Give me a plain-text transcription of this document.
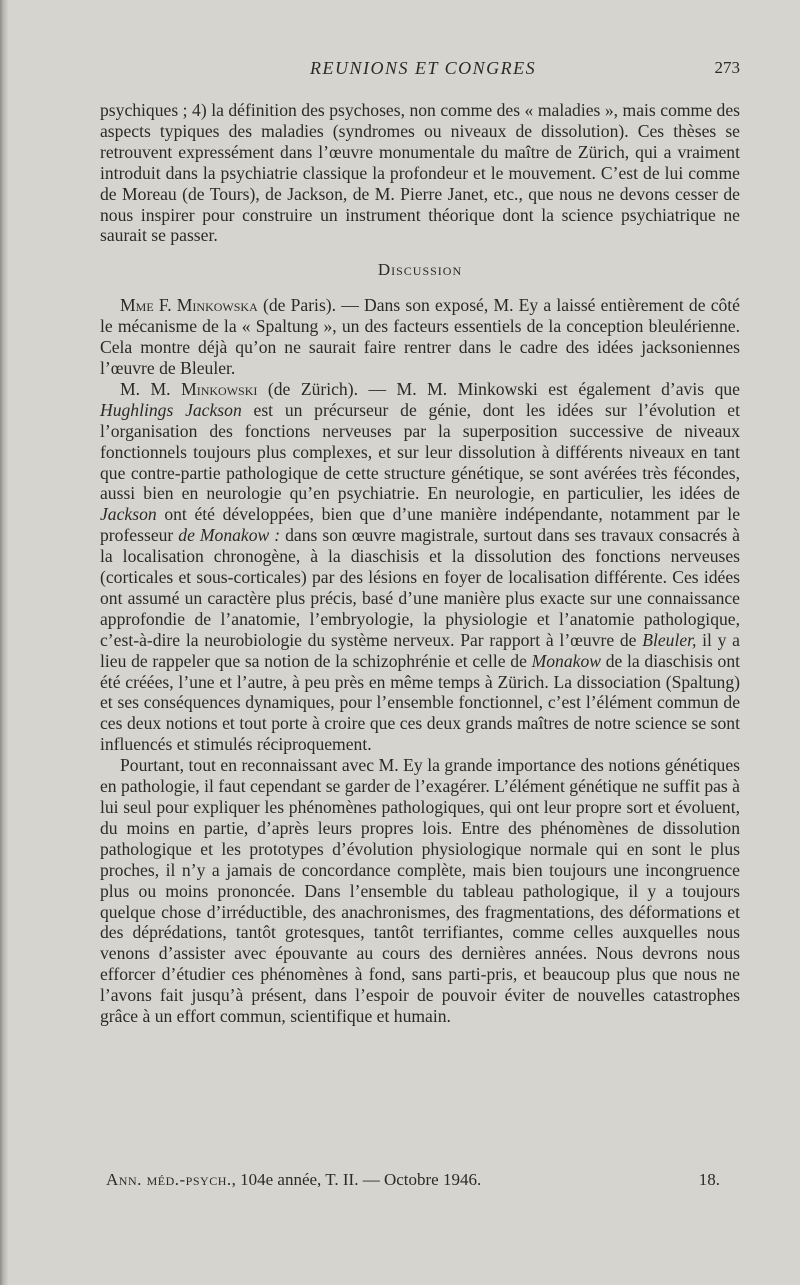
REUNIONS ET CONGRES	273

psychiques ; 4) la définition des psychoses, non comme des « maladies », mais comme des aspects typiques des maladies (syndromes ou niveaux de dissolution). Ces thèses se retrouvent expressément dans l’œuvre monumentale du maître de Zürich, qui a vraiment introduit dans la psychiatrie classique la profondeur et le mouvement. C’est de lui comme de Moreau (de Tours), de Jackson, de M. Pierre Janet, etc., que nous ne devons cesser de nous inspirer pour construire un instrument théorique dont la science psychiatrique ne saurait se passer.

Discussion

Mme F. Minkowska (de Paris). — Dans son exposé, M. Ey a laissé entièrement de côté le mécanisme de la « Spaltung », un des facteurs essentiels de la conception bleulérienne. Cela montre déjà qu’on ne saurait faire rentrer dans le cadre des idées jacksoniennes l’œuvre de Bleuler.

M. M. Minkowski (de Zürich). — M. M. Minkowski est également d’avis que Hughlings Jackson est un précurseur de génie, dont les idées sur l’évolution et l’organisation des fonctions nerveuses par la superposition successive de niveaux fonctionnels toujours plus complexes, et sur leur dissolution à différents niveaux en tant que contre-partie pathologique de cette structure génétique, se sont avérées très fécondes, aussi bien en neurologie qu’en psychiatrie. En neurologie, en particulier, les idées de Jackson ont été développées, bien que d’une manière indépendante, notamment par le professeur de Monakow : dans son œuvre magistrale, surtout dans ses travaux consacrés à la localisation chronogène, à la diaschisis et la dissolution des fonctions nerveuses (corticales et sous-corticales) par des lésions en foyer de localisation différente. Ces idées ont assumé un caractère plus précis, basé d’une manière plus exacte sur une connaissance approfondie de l’anatomie, l’embryologie, la physiologie et l’anatomie pathologique, c’est-à-dire la neurobiologie du système nerveux. Par rapport à l’œuvre de Bleuler, il y a lieu de rappeler que sa notion de la schizophrénie et celle de Monakow de la diaschisis ont été créées, l’une et l’autre, à peu près en même temps à Zürich. La dissociation (Spaltung) et ses conséquences dynamiques, pour l’ensemble fonctionnel, c’est l’élément commun de ces deux notions et tout porte à croire que ces deux grands maîtres de notre science se sont influencés et stimulés réciproquement.

Pourtant, tout en reconnaissant avec M. Ey la grande importance des notions génétiques en pathologie, il faut cependant se garder de l’exagérer. L’élément génétique ne suffit pas à lui seul pour expliquer les phénomènes pathologiques, qui ont leur propre sort et évoluent, du moins en partie, d’après leurs propres lois. Entre des phénomènes de dissolution pathologique et les prototypes d’évolution physiologique normale qui en sont le plus proches, il n’y a jamais de concordance complète, mais bien toujours une incongruence plus ou moins prononcée. Dans l’ensemble du tableau pathologique, il y a toujours quelque chose d’irréductible, des anachronismes, des fragmentations, des déformations et des déprédations, tantôt grotesques, tantôt terrifiantes, comme celles auxquelles nous venons d’assister avec épouvante au cours des dernières années. Nous devrons nous efforcer d’étudier ces phénomènes à fond, sans parti-pris, et beaucoup plus que nous ne l’avons fait jusqu’à présent, dans l’espoir de pouvoir éviter de nouvelles catastrophes grâce à un effort commun, scientifique et humain.

Ann. méd.-psych., 104e année, T. II. — Octobre 1946.	18.
